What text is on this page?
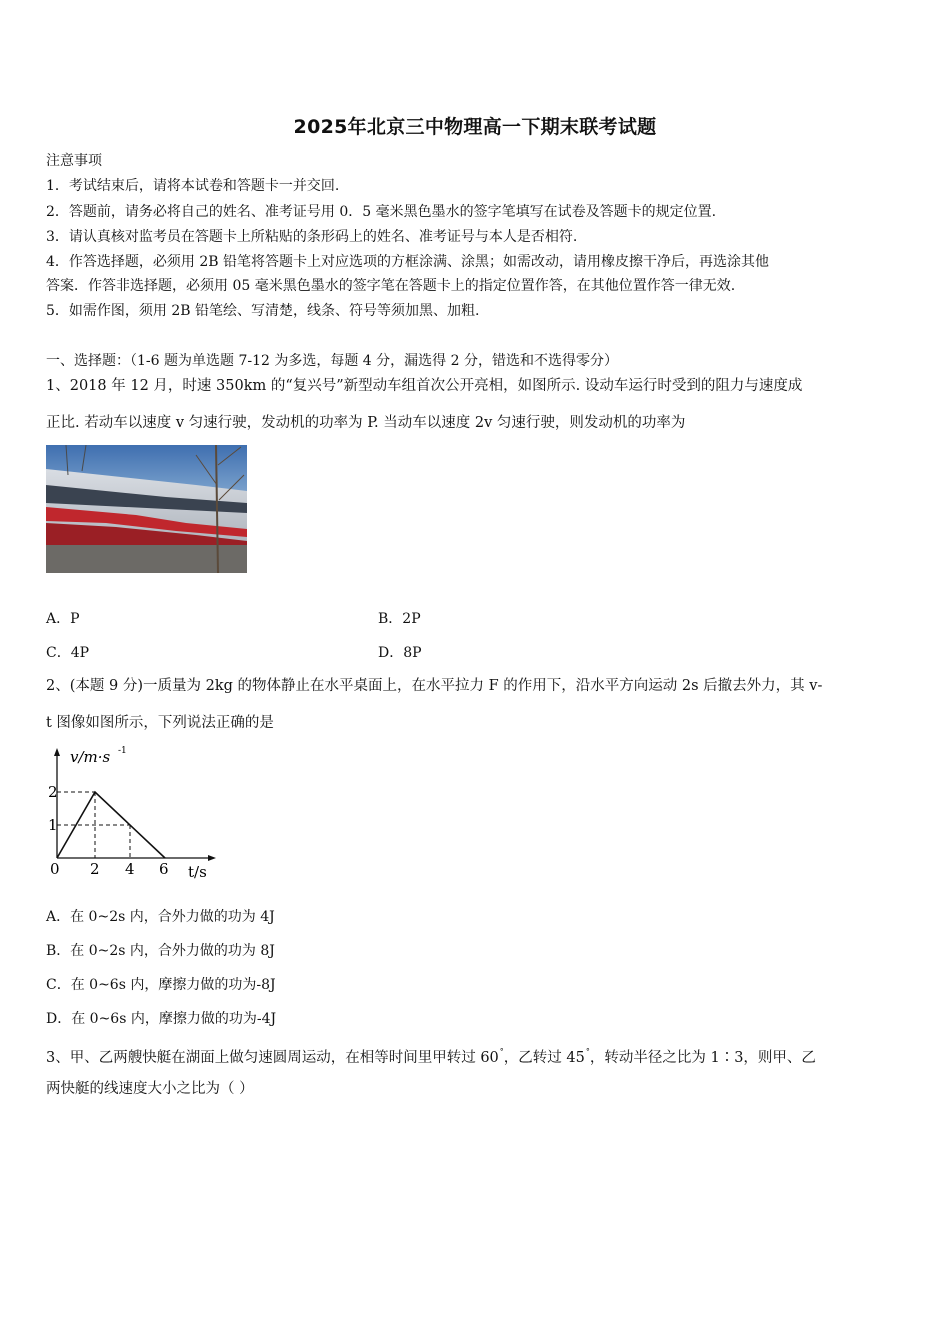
2025年北京三中物理高一下期末联考试题
注意事项
1．考试结束后，请将本试卷和答题卡一并交回.
2．答题前，请务必将自己的姓名、准考证号用 0．5 毫米黑色墨水的签字笔填写在试卷及答题卡的规定位置.
3．请认真核对监考员在答题卡上所粘贴的条形码上的姓名、准考证号与本人是否相符.
4．作答选择题，必须用 2B 铅笔将答题卡上对应选项的方框涂满、涂黑；如需改动，请用橡皮擦干净后，再选涂其他
答案．作答非选择题，必须用 05 毫米黑色墨水的签字笔在答题卡上的指定位置作答，在其他位置作答一律无效.
5．如需作图，须用 2B 铅笔绘、写清楚，线条、符号等须加黑、加粗.
一、选择题：（1-6 题为单选题 7-12 为多选，每题 4 分，漏选得 2 分，错选和不选得零分）
1、2018 年 12 月，时速 350km 的“复兴号”新型动车组首次公开亮相，如图所示. 设动车运行时受到的阻力与速度成
正比. 若动车以速度 v 匀速行驶，发动机的功率为 P. 当动车以速度 2v 匀速行驶，则发动机的功率为
A．P	B．2P
C．4P	D．8P
2、(本题 9 分)一质量为 2kg 的物体静止在水平桌面上，在水平拉力 F 的作用下，沿水平方向运动 2s 后撤去外力，其 v-
t 图像如图所示，下列说法正确的是
v/m·s -1
2
1
0 2 4 6 t/s
A．在 0~2s 内，合外力做的功为 4J
B．在 0~2s 内，合外力做的功为 8J
C．在 0~6s 内，摩擦力做的功为-8J
D．在 0~6s 内，摩擦力做的功为-4J
3、甲、乙两艘快艇在湖面上做匀速圆周运动，在相等时间里甲转过 60°，乙转过 45°，转动半径之比为 1∶3，则甲、乙
两快艇的线速度大小之比为（ ）
